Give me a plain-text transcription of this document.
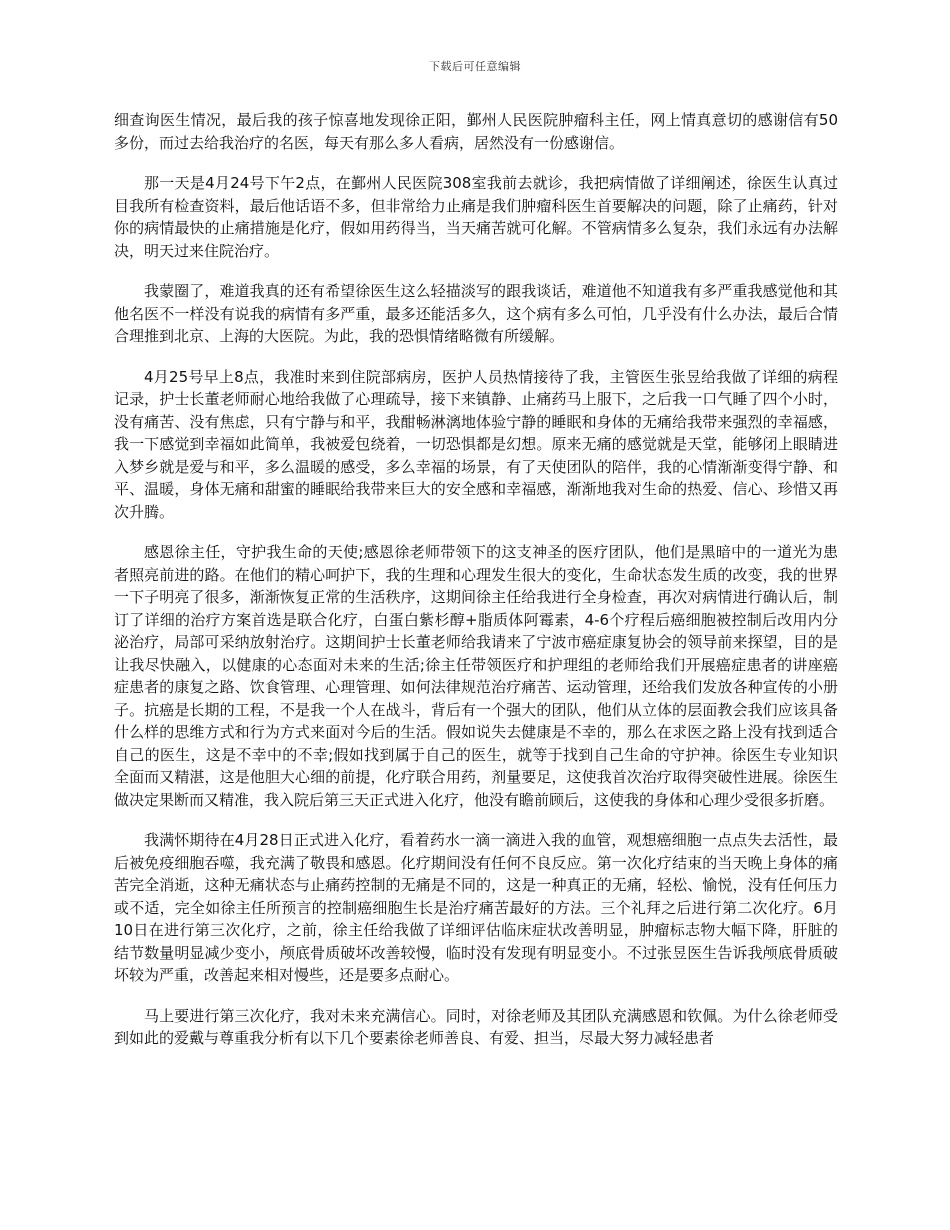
下载后可任意编辑

细查询医生情况，最后我的孩子惊喜地发现徐正阳，鄞州人民医院肿瘤科主任，网上情真意切的感谢信有50多份，而过去给我治疗的名医，每天有那么多人看病，居然没有一份感谢信。

那一天是4月24号下午2点，在鄞州人民医院308室我前去就诊，我把病情做了详细阐述，徐医生认真过目我所有检查资料，最后他话语不多，但非常给力止痛是我们肿瘤科医生首要解决的问题，除了止痛药，针对你的病情最快的止痛措施是化疗，假如用药得当，当天痛苦就可化解。不管病情多么复杂，我们永远有办法解决，明天过来住院治疗。

我蒙圈了，难道我真的还有希望徐医生这么轻描淡写的跟我谈话，难道他不知道我有多严重我感觉他和其他名医不一样没有说我的病情有多严重，最多还能活多久，这个病有多么可怕，几乎没有什么办法，最后合情合理推到北京、上海的大医院。为此，我的恐惧情绪略微有所缓解。

4月25号早上8点，我准时来到住院部病房，医护人员热情接待了我，主管医生张昱给我做了详细的病程记录，护士长董老师耐心地给我做了心理疏导，接下来镇静、止痛药马上服下，之后我一口气睡了四个小时，没有痛苦、没有焦虑，只有宁静与和平，我酣畅淋漓地体验宁静的睡眠和身体的无痛给我带来强烈的幸福感，我一下感觉到幸福如此简单，我被爱包绕着，一切恐惧都是幻想。原来无痛的感觉就是天堂，能够闭上眼睛进入梦乡就是爱与和平，多么温暖的感受，多么幸福的场景，有了天使团队的陪伴，我的心情渐渐变得宁静、和平、温暖，身体无痛和甜蜜的睡眠给我带来巨大的安全感和幸福感，渐渐地我对生命的热爱、信心、珍惜又再次升腾。

感恩徐主任，守护我生命的天使;感恩徐老师带领下的这支神圣的医疗团队，他们是黑暗中的一道光为患者照亮前进的路。在他们的精心呵护下，我的生理和心理发生很大的变化，生命状态发生质的改变，我的世界一下子明亮了很多，渐渐恢复正常的生活秩序，这期间徐主任给我进行全身检查，再次对病情进行确认后，制订了详细的治疗方案首选是联合化疗，白蛋白紫杉醇+脂质体阿霉素，4-6个疗程后癌细胞被控制后改用内分泌治疗，局部可采纳放射治疗。这期间护士长董老师给我请来了宁波市癌症康复协会的领导前来探望，目的是让我尽快融入，以健康的心态面对未来的生活;徐主任带领医疗和护理组的老师给我们开展癌症患者的讲座癌症患者的康复之路、饮食管理、心理管理、如何法律规范治疗痛苦、运动管理，还给我们发放各种宣传的小册子。抗癌是长期的工程，不是我一个人在战斗，背后有一个强大的团队，他们从立体的层面教会我们应该具备什么样的思维方式和行为方式来面对今后的生活。假如说失去健康是不幸的，那么在求医之路上没有找到适合自己的医生，这是不幸中的不幸;假如找到属于自己的医生，就等于找到自己生命的守护神。徐医生专业知识全面而又精湛，这是他胆大心细的前提，化疗联合用药，剂量要足，这使我首次治疗取得突破性进展。徐医生做决定果断而又精准，我入院后第三天正式进入化疗，他没有瞻前顾后，这使我的身体和心理少受很多折磨。

我满怀期待在4月28日正式进入化疗，看着药水一滴一滴进入我的血管，观想癌细胞一点点失去活性，最后被免疫细胞吞噬，我充满了敬畏和感恩。化疗期间没有任何不良反应。第一次化疗结束的当天晚上身体的痛苦完全消逝，这种无痛状态与止痛药控制的无痛是不同的，这是一种真正的无痛，轻松、愉悦，没有任何压力或不适，完全如徐主任所预言的控制癌细胞生长是治疗痛苦最好的方法。三个礼拜之后进行第二次化疗。6月10日在进行第三次化疗，之前，徐主任给我做了详细评估临床症状改善明显，肿瘤标志物大幅下降，肝脏的结节数量明显减少变小，颅底骨质破坏改善较慢，临时没有发现有明显变小。不过张昱医生告诉我颅底骨质破坏较为严重，改善起来相对慢些，还是要多点耐心。

马上要进行第三次化疗，我对未来充满信心。同时，对徐老师及其团队充满感恩和钦佩。为什么徐老师受到如此的爱戴与尊重我分析有以下几个要素徐老师善良、有爱、担当，尽最大努力减轻患者
